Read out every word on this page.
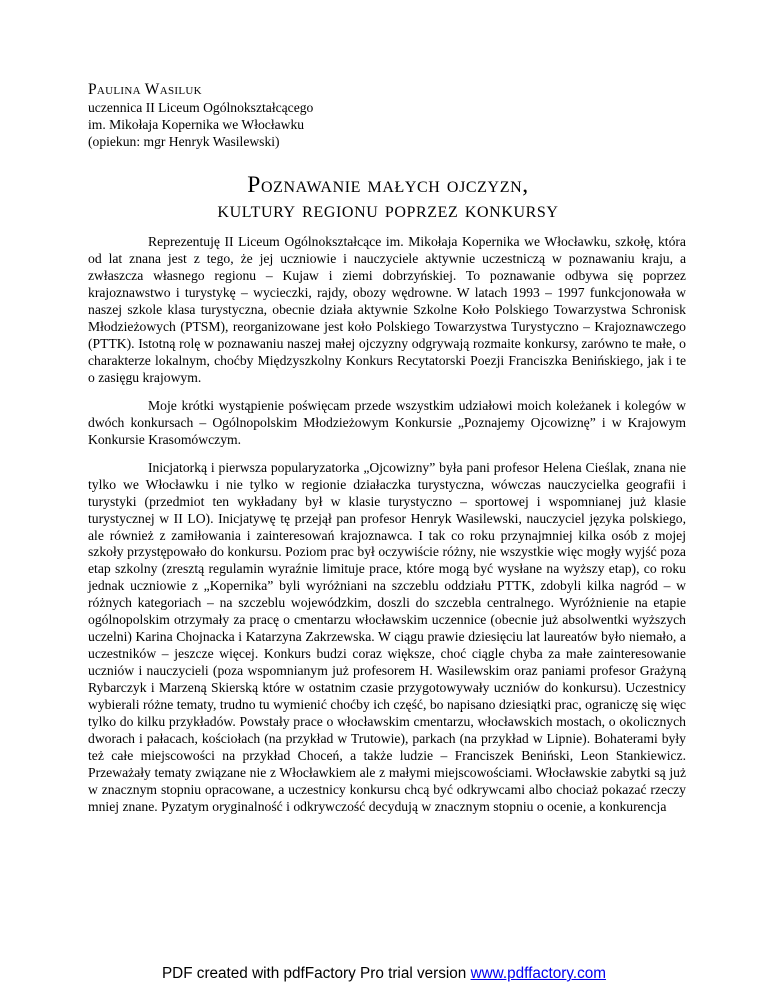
Paulina Wasiluk
uczennica II Liceum Ogólnokształcącego
im. Mikołaja Kopernika we Włocławku
(opiekun: mgr Henryk Wasilewski)
Poznawanie małych ojczyzn,
kultury regionu poprzez konkursy

Reprezentuję II Liceum Ogólnokształcące im. Mikołaja Kopernika we Włocławku, szkołę, która od lat znana jest z tego, że jej uczniowie i nauczyciele aktywnie uczestniczą w poznawaniu kraju, a zwłaszcza własnego regionu – Kujaw i ziemi dobrzyńskiej. To poznawanie odbywa się poprzez krajoznawstwo i turystykę – wycieczki, rajdy, obozy wędrowne. W latach 1993 – 1997 funkcjonowała w naszej szkole klasa turystyczna, obecnie działa aktywnie Szkolne Koło Polskiego Towarzystwa Schronisk Młodzieżowych (PTSM), reorganizowane jest koło Polskiego Towarzystwa Turystyczno – Krajoznawczego (PTTK). Istotną rolę w poznawaniu naszej małej ojczyzny odgrywają rozmaite konkursy, zarówno te małe, o charakterze lokalnym, choćby Międzyszkolny Konkurs Recytatorski Poezji Franciszka Benińskiego, jak i te o zasięgu krajowym.

Moje krótki wystąpienie poświęcam przede wszystkim udziałowi moich koleżanek i kolegów w dwóch konkursach – Ogólnopolskim Młodzieżowym Konkursie „Poznajemy Ojcowiznę” i w Krajowym Konkursie Krasomówczym.

Inicjatorką i pierwsza popularyzatorka „Ojcowizny” była pani profesor Helena Cieślak, znana nie tylko we Włocławku i nie tylko w regionie działaczka turystyczna, wówczas nauczycielka geografii i turystyki (przedmiot ten wykładany był w klasie turystyczno – sportowej i wspomnianej już klasie turystycznej w II LO). Inicjatywę tę przejął pan profesor Henryk Wasilewski, nauczyciel języka polskiego, ale również z zamiłowania i zainteresowań krajoznawca. I tak co roku przynajmniej kilka osób z mojej szkoły przystępowało do konkursu. Poziom prac był oczywiście różny, nie wszystkie więc mogły wyjść poza etap szkolny (zresztą regulamin wyraźnie limituje prace, które mogą być wysłane na wyższy etap), co roku jednak uczniowie z „Kopernika” byli wyróżniani na szczeblu oddziału PTTK, zdobyli kilka nagród – w różnych kategoriach – na szczeblu wojewódzkim, doszli do szczebla centralnego. Wyróżnienie na etapie ogólnopolskim otrzymały za pracę o cmentarzu włocławskim uczennice (obecnie już absolwentki wyższych uczelni) Karina Chojnacka i Katarzyna Zakrzewska. W ciągu prawie dziesięciu lat laureatów było niemało, a uczestników – jeszcze więcej. Konkurs budzi coraz większe, choć ciągle chyba za małe zainteresowanie uczniów i nauczycieli (poza wspomnianym już profesorem H. Wasilewskim oraz paniami profesor Grażyną Rybarczyk i Marzeną Skierską które w ostatnim czasie przygotowywały uczniów do konkursu). Uczestnicy wybierali różne tematy, trudno tu wymienić choćby ich część, bo napisano dziesiątki prac, ograniczę się więc tylko do kilku przykładów. Powstały prace o włocławskim cmentarzu, włocławskich mostach, o okolicznych dworach i pałacach, kościołach (na przykład w Trutowie), parkach (na przykład w Lipnie). Bohaterami były też całe miejscowości na przykład Choceń, a także ludzie – Franciszek Beniński, Leon Stankiewicz. Przeważały tematy związane nie z Włocławkiem ale z małymi miejscowościami. Włocławskie zabytki są już w znacznym stopniu opracowane, a uczestnicy konkursu chcą być odkrywcami albo chociaż pokazać rzeczy mniej znane. Pyzatym oryginalność i odkrywczość decydują w znacznym stopniu o ocenie, a konkurencja

PDF created with pdfFactory Pro trial version www.pdffactory.com
